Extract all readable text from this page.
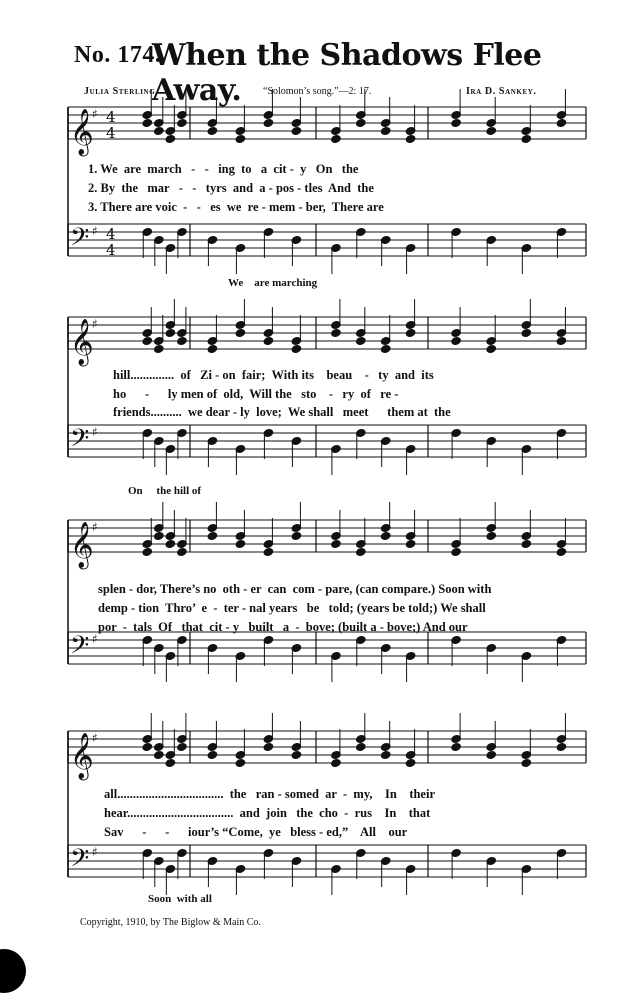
No. 174.
When the Shadows Flee Away.
Julia Sterling.	“Solomon’s song.”—2: 17.	Ira D. Sankey.
𝄞
♯ 4
4
𝄢 ♯ 4
4
𝄞
♯
𝄢 ♯
𝄞
♯
𝄢 ♯
𝄞
♯
𝄢 ♯
1. We  are  march   -   -   ing  to   a  cit -  y   On   the
2. By  the   mar   -   -   tyrs  and  a - pos - tles  And  the
3. There are voic  -   -   es  we  re - mem - ber,  There are
We    are marching
hill..............  of   Zi - on  fair;  With its    beau    -   ty  and  its
ho      -      ly men of  old,  Will the   sto    -   ry  of   re -
friends..........  we dear - ly  love;  We shall   meet      them at  the
On     the hill of
splen - dor, There’s no  oth - er  can  com - pare, (can compare.) Soon with
demp - tion  Thro’  e  -  ter - nal years   be   told; (years be told;) We shall
por  -  tals  Of   that  cit - y   built   a  -  bove; (built a - bove;) And our
all..................................  the   ran - somed  ar  -  my,    In    their
hear..................................  and  join   the  cho  -  rus    In    that
Sav      -      -      iour’s “Come,  ye   bless - ed,”    All    our
Soon  with all
Copyright, 1910, by The Biglow & Main Co.
